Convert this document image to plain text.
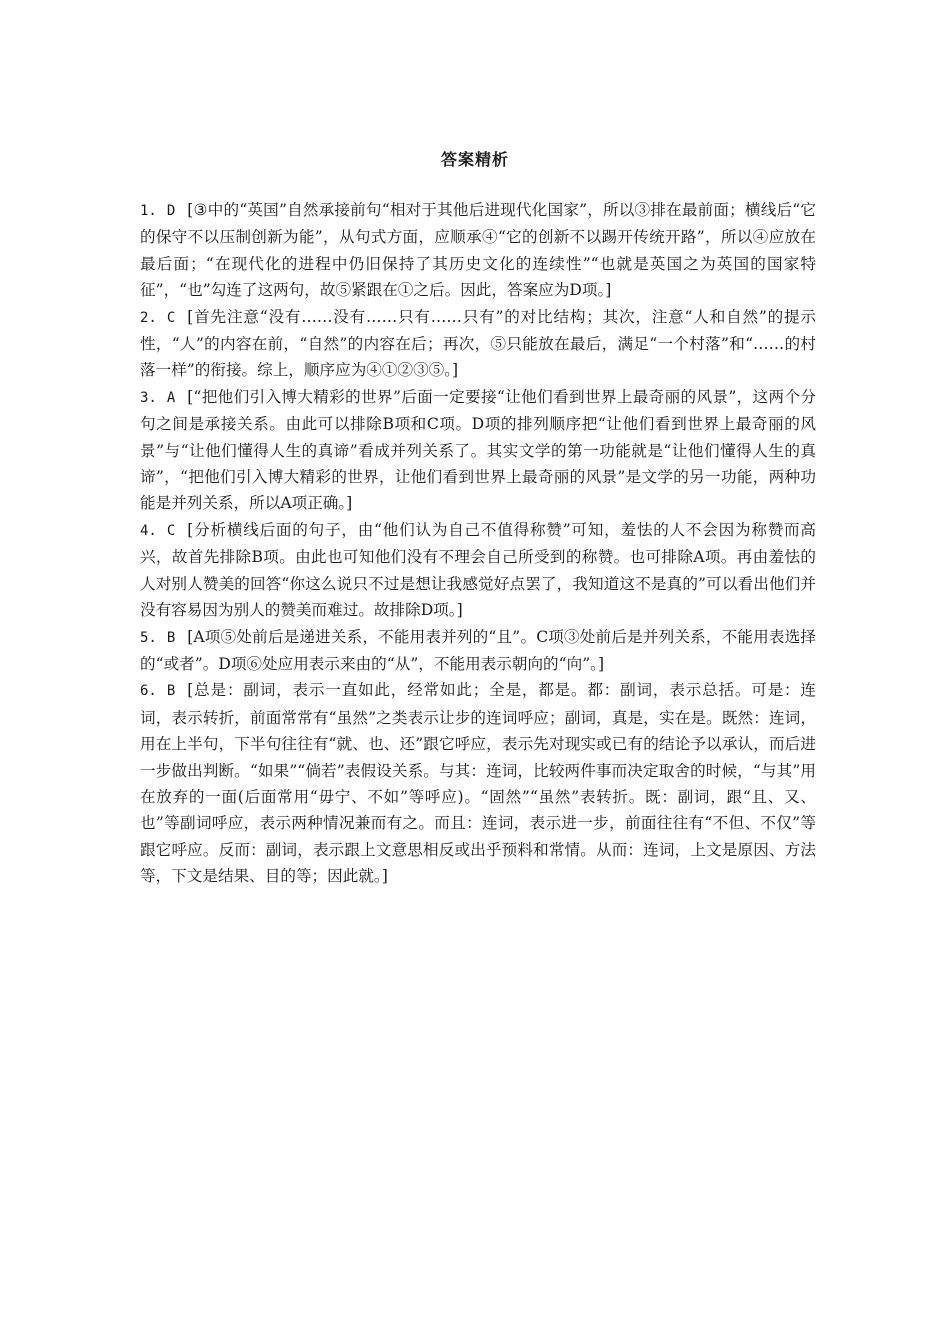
答案精析

1. D [③中的“英国”自然承接前句“相对于其他后进现代化国家”，所以③排在最前面；横线后“它的保守不以压制创新为能”，从句式方面，应顺承④“它的创新不以踢开传统开路”，所以④应放在最后面；“在现代化的进程中仍旧保持了其历史文化的连续性”“也就是英国之为英国的国家特征”，“也”勾连了这两句，故⑤紧跟在①之后。因此，答案应为D项。]

2. C [首先注意“没有……没有……只有……只有”的对比结构；其次，注意“人和自然”的提示性，“人”的内容在前，“自然”的内容在后；再次，⑤只能放在最后，满足“一个村落”和“……的村落一样”的衔接。综上，顺序应为④①②③⑤。]

3. A [“把他们引入博大精彩的世界”后面一定要接“让他们看到世界上最奇丽的风景”，这两个分句之间是承接关系。由此可以排除B项和C项。D项的排列顺序把“让他们看到世界上最奇丽的风景”与“让他们懂得人生的真谛”看成并列关系了。其实文学的第一功能就是“让他们懂得人生的真谛”，“把他们引入博大精彩的世界，让他们看到世界上最奇丽的风景”是文学的另一功能，两种功能是并列关系，所以A项正确。]

4. C [分析横线后面的句子，由“他们认为自己不值得称赞”可知，羞怯的人不会因为称赞而高兴，故首先排除B项。由此也可知他们没有不理会自己所受到的称赞。也可排除A项。再由羞怯的人对别人赞美的回答“你这么说只不过是想让我感觉好点罢了，我知道这不是真的”可以看出他们并没有容易因为别人的赞美而难过。故排除D项。]

5. B [A项⑤处前后是递进关系，不能用表并列的“且”。C项③处前后是并列关系，不能用表选择的“或者”。D项⑥处应用表示来由的“从”，不能用表示朝向的“向”。]

6. B [总是：副词，表示一直如此，经常如此；全是，都是。都：副词，表示总括。可是：连词，表示转折，前面常常有“虽然”之类表示让步的连词呼应；副词，真是，实在是。既然：连词，用在上半句，下半句往往有“就、也、还”跟它呼应，表示先对现实或已有的结论予以承认，而后进一步做出判断。“如果”“倘若”表假设关系。与其：连词，比较两件事而决定取舍的时候，“与其”用在放弃的一面(后面常用“毋宁、不如”等呼应)。“固然”“虽然”表转折。既：副词，跟“且、又、也”等副词呼应，表示两种情况兼而有之。而且：连词，表示进一步，前面往往有“不但、不仅”等跟它呼应。反而：副词，表示跟上文意思相反或出乎预料和常情。从而：连词，上文是原因、方法等，下文是结果、目的等；因此就。]
